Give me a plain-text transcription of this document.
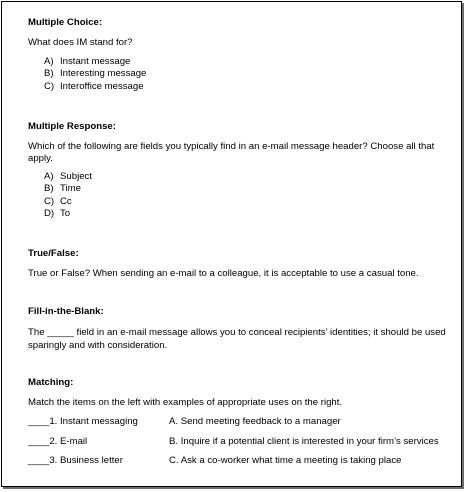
Multiple Choice:

What does IM stand for?

A) Instant message
B) Interesting message
C) Interoffice message

Multiple Response:

Which of the following are fields you typically find in an e-mail message header? Choose all that apply.

A) Subject
B) Time
C) Cc
D) To

True/False:

True or False? When sending an e-mail to a colleague, it is acceptable to use a casual tone.

Fill-in-the-Blank:

The _____ field in an e-mail message allows you to conceal recipients’ identities; it should be used sparingly and with consideration.

Matching:

Match the items on the left with examples of appropriate uses on the right.

____1. Instant messaging	A. Send meeting feedback to a manager
____2. E-mail	B. Inquire if a potential client is interested in your firm’s services
____3. Business letter	C. Ask a co-worker what time a meeting is taking place
